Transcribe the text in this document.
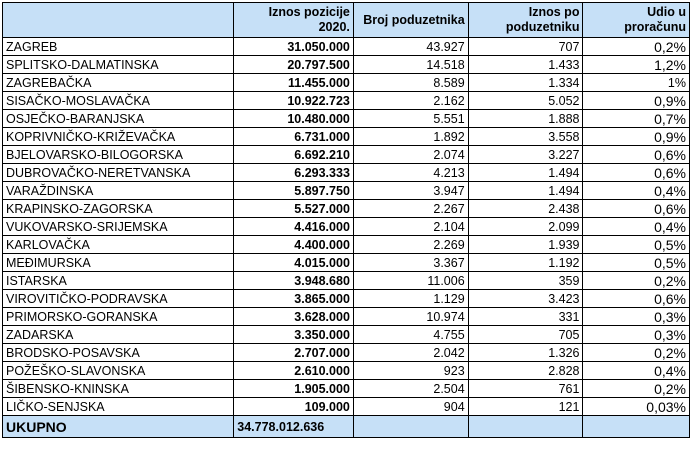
	Iznos pozicije 2020.	Broj poduzetnika	Iznos po poduzetniku	Udio u proračunu
ZAGREB	31.050.000	43.927	707	0,2%
SPLITSKO-DALMATINSKA	20.797.500	14.518	1.433	1,2%
ZAGREBAČKA	11.455.000	8.589	1.334	1%
SISAČKO-MOSLAVAČKA	10.922.723	2.162	5.052	0,9%
OSJEČKO-BARANJSKA	10.480.000	5.551	1.888	0,7%
KOPRIVNIČKO-KRIŽEVAČKA	6.731.000	1.892	3.558	0,9%
BJELOVARSKO-BILOGORSKA	6.692.210	2.074	3.227	0,6%
DUBROVAČKO-NERETVANSKA	6.293.333	4.213	1.494	0,6%
VARAŽDINSKA	5.897.750	3.947	1.494	0,4%
KRAPINSKO-ZAGORSKA	5.527.000	2.267	2.438	0,6%
VUKOVARSKO-SRIJEMSKA	4.416.000	2.104	2.099	0,4%
KARLOVAČKA	4.400.000	2.269	1.939	0,5%
MEĐIMURSKA	4.015.000	3.367	1.192	0,5%
ISTARSKA	3.948.680	11.006	359	0,2%
VIROVITIČKO-PODRAVSKA	3.865.000	1.129	3.423	0,6%
PRIMORSKO-GORANSKA	3.628.000	10.974	331	0,3%
ZADARSKA	3.350.000	4.755	705	0,3%
BRODSKO-POSAVSKA	2.707.000	2.042	1.326	0,2%
POŽEŠKO-SLAVONSKA	2.610.000	923	2.828	0,4%
ŠIBENSKO-KNINSKA	1.905.000	2.504	761	0,2%
LIČKO-SENJSKA	109.000	904	121	0,03%
UKUPNO	34.778.012.636			
